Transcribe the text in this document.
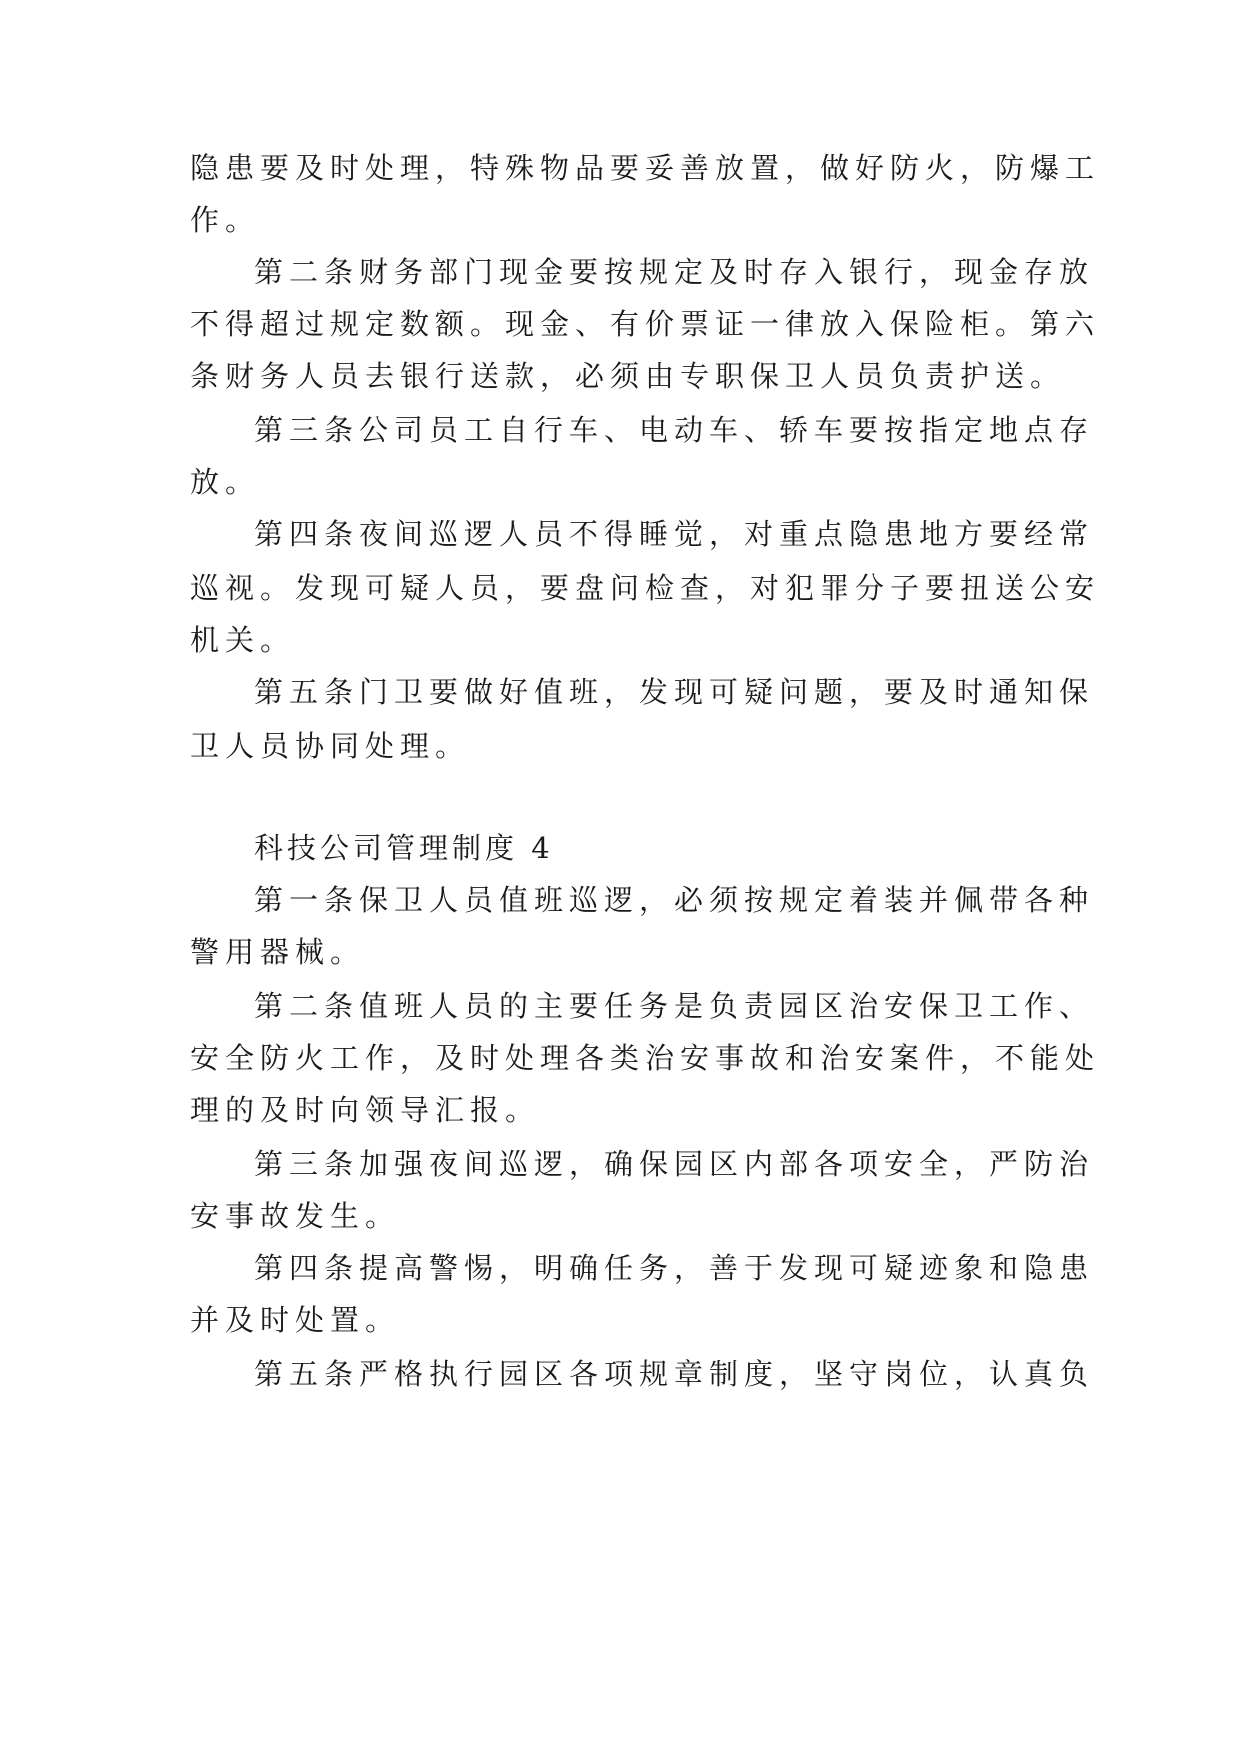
隐患要及时处理，特殊物品要妥善放置，做好防火，防爆工
作。
第二条财务部门现金要按规定及时存入银行，现金存放
不得超过规定数额。现金、有价票证一律放入保险柜。第六
条财务人员去银行送款，必须由专职保卫人员负责护送。
第三条公司员工自行车、电动车、轿车要按指定地点存
放。
第四条夜间巡逻人员不得睡觉，对重点隐患地方要经常
巡视。发现可疑人员，要盘问检查，对犯罪分子要扭送公安
机关。
第五条门卫要做好值班，发现可疑问题，要及时通知保
卫人员协同处理。
科技公司管理制度 4
第一条保卫人员值班巡逻，必须按规定着装并佩带各种
警用器械。
第二条值班人员的主要任务是负责园区治安保卫工作、
安全防火工作，及时处理各类治安事故和治安案件，不能处
理的及时向领导汇报。
第三条加强夜间巡逻，确保园区内部各项安全，严防治
安事故发生。
第四条提高警惕，明确任务，善于发现可疑迹象和隐患
并及时处置。
第五条严格执行园区各项规章制度，坚守岗位，认真负
